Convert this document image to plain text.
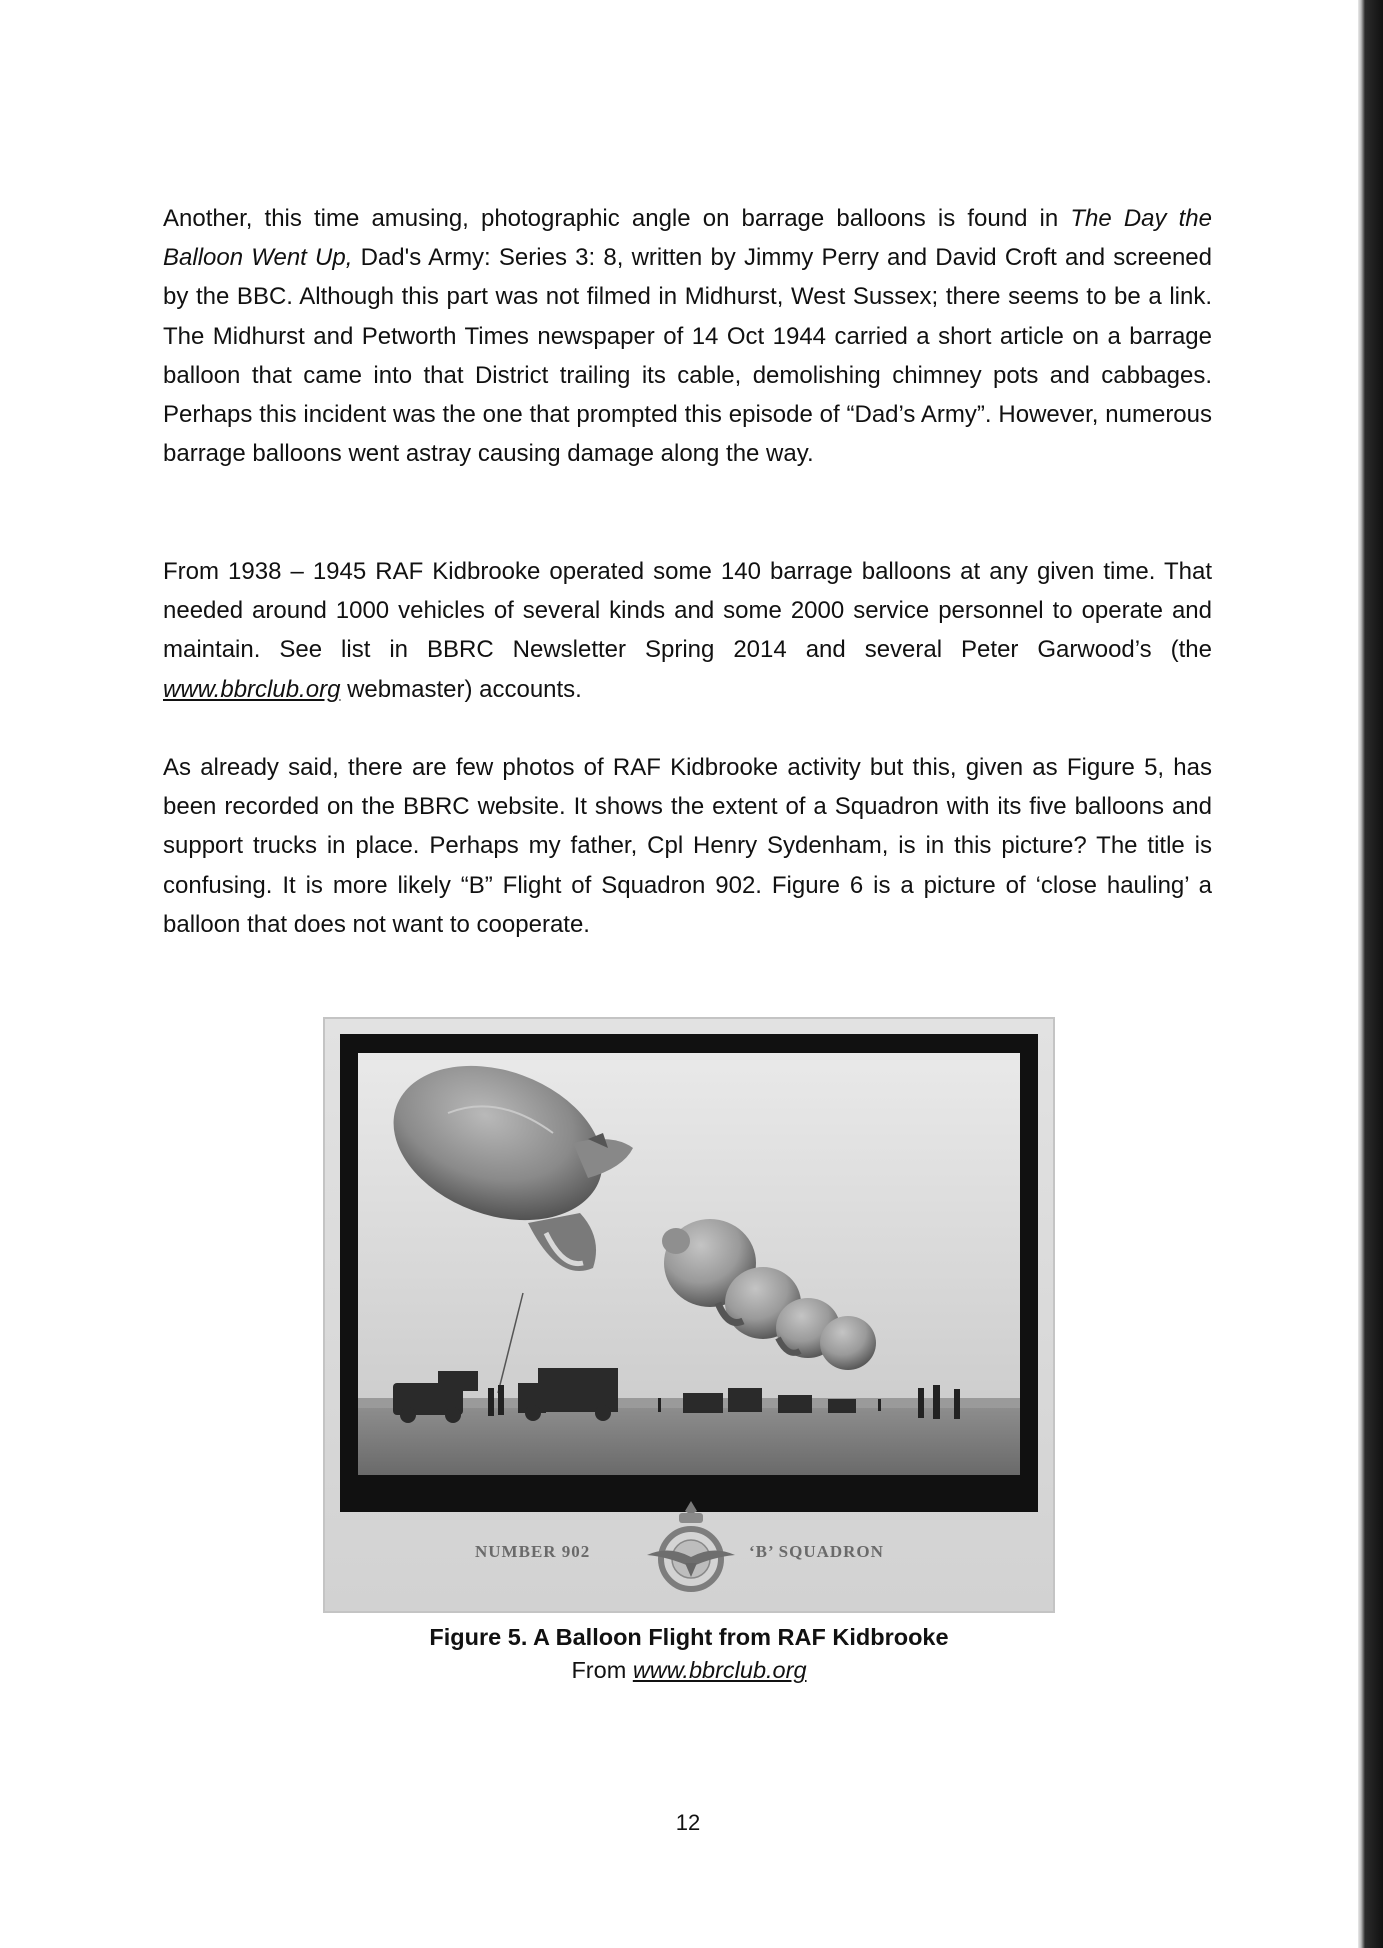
Another, this time amusing, photographic angle on barrage balloons is found in The Day the Balloon Went Up, Dad's Army: Series 3: 8, written by Jimmy Perry and David Croft and screened by the BBC. Although this part was not filmed in Midhurst, West Sussex; there seems to be a link. The Midhurst and Petworth Times newspaper of 14 Oct 1944 carried a short article on a barrage balloon that came into that District trailing its cable, demolishing chimney pots and cabbages. Perhaps this incident was the one that prompted this episode of “Dad’s Army”. However, numerous barrage balloons went astray causing damage along the way.

From 1938 – 1945 RAF Kidbrooke operated some 140 barrage balloons at any given time. That needed around 1000 vehicles of several kinds and some 2000 service personnel to operate and maintain. See list in BBRC Newsletter Spring 2014 and several Peter Garwood’s (the www.bbrclub.org webmaster) accounts.

As already said, there are few photos of RAF Kidbrooke activity but this, given as Figure 5, has been recorded on the BBRC website. It shows the extent of a Squadron with its five balloons and support trucks in place. Perhaps my father, Cpl Henry Sydenham, is in this picture? The title is confusing. It is more likely “B” Flight of Squadron 902. Figure 6 is a picture of ‘close hauling’ a balloon that does not want to cooperate.

NUMBER 902	‘B’ SQUADRON

Figure 5. A Balloon Flight from RAF Kidbrooke

From www.bbrclub.org

12
